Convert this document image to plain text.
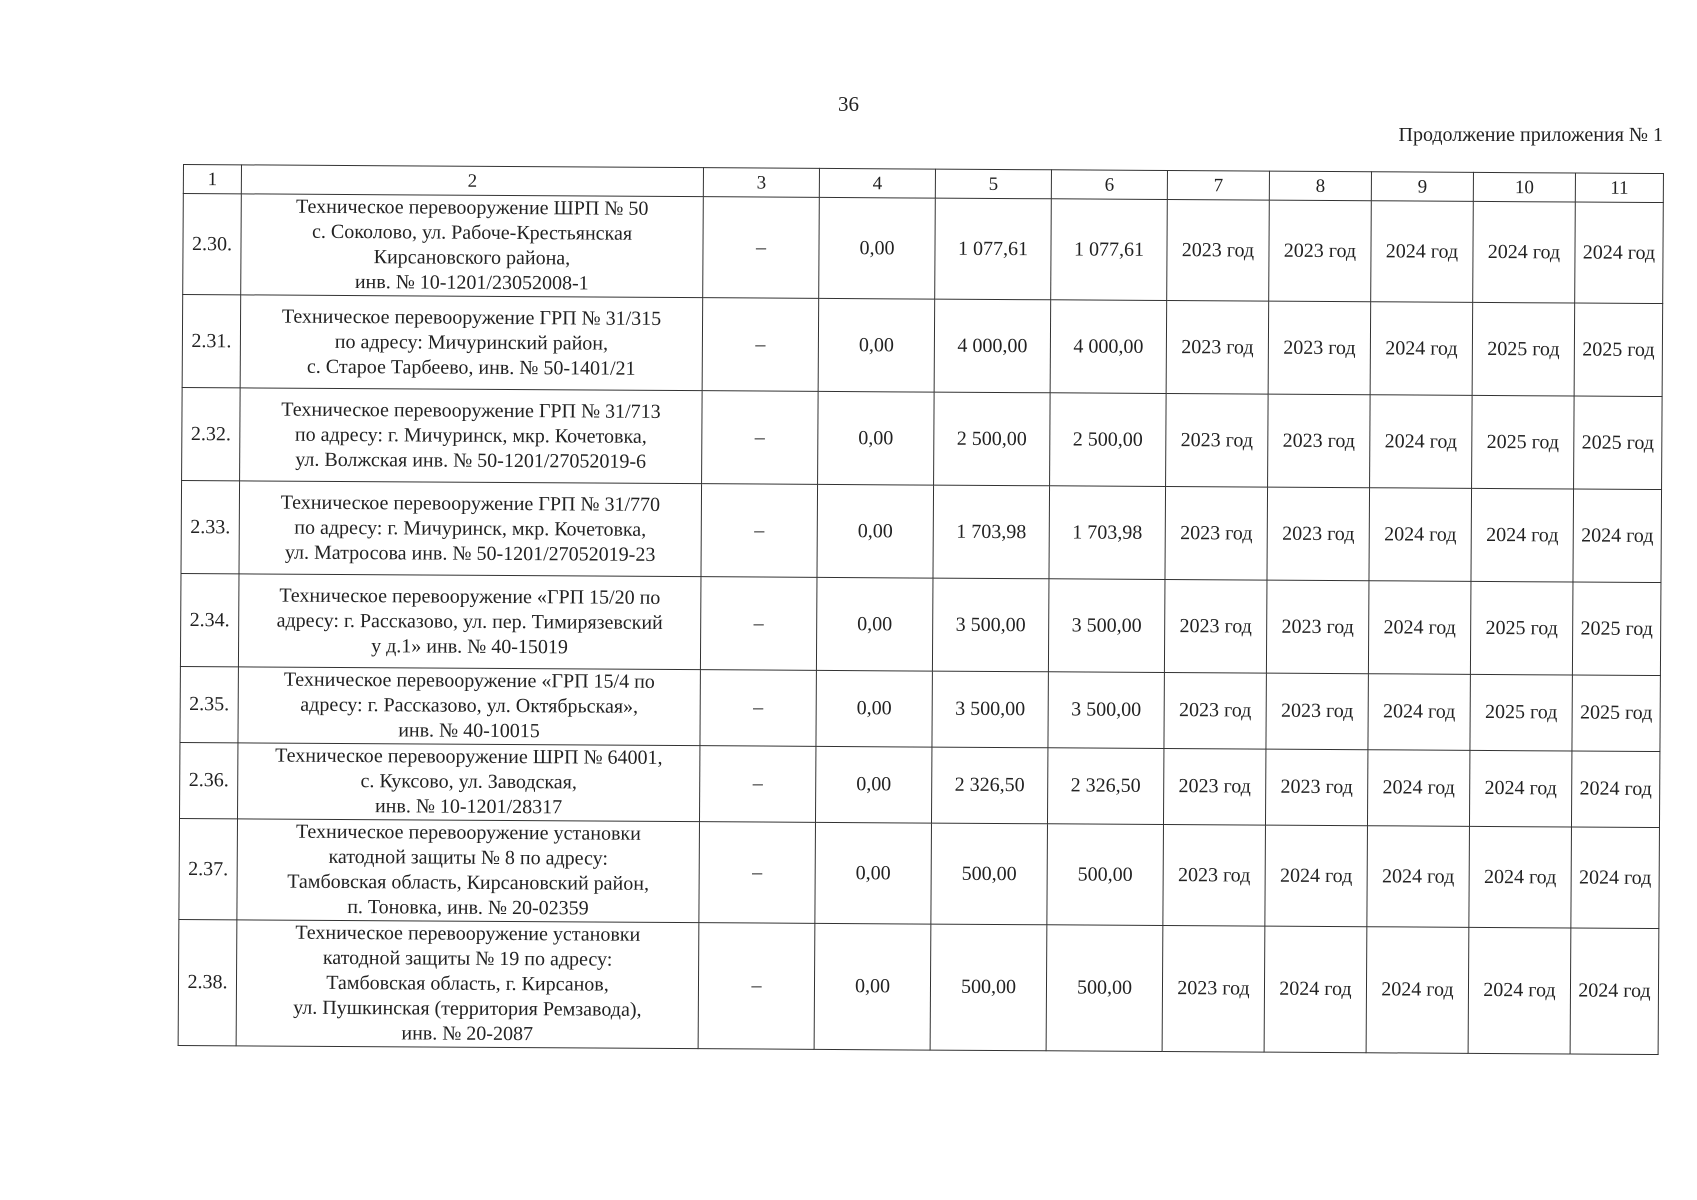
36
Продолжение приложения № 1
1	2	3	4	5	6	7	8	9	10	11
2.30.	Техническое перевооружение ШРП № 50
с. Соколово, ул. Рабоче-Крестьянская
Кирсановского района,
инв. № 10-1201/23052008-1	–	0,00	1 077,61	1 077,61	2023 год	2023 год	2024 год	2024 год	2024 год
2.31.	Техническое перевооружение ГРП № 31/315
по адресу: Мичуринский район,
с. Старое Тарбеево, инв. № 50-1401/21	–	0,00	4 000,00	4 000,00	2023 год	2023 год	2024 год	2025 год	2025 год
2.32.	Техническое перевооружение ГРП № 31/713
по адресу: г. Мичуринск, мкр. Кочетовка,
ул. Волжская инв. № 50-1201/27052019-6	–	0,00	2 500,00	2 500,00	2023 год	2023 год	2024 год	2025 год	2025 год
2.33.	Техническое перевооружение ГРП № 31/770
по адресу: г. Мичуринск, мкр. Кочетовка,
ул. Матросова инв. № 50-1201/27052019-23	–	0,00	1 703,98	1 703,98	2023 год	2023 год	2024 год	2024 год	2024 год
2.34.	Техническое перевооружение «ГРП 15/20 по
адресу: г. Рассказово, ул. пер. Тимирязевский
у д.1» инв. № 40-15019	–	0,00	3 500,00	3 500,00	2023 год	2023 год	2024 год	2025 год	2025 год
2.35.	Техническое перевооружение «ГРП 15/4 по
адресу: г. Рассказово, ул. Октябрьская»,
инв. № 40-10015	–	0,00	3 500,00	3 500,00	2023 год	2023 год	2024 год	2025 год	2025 год
2.36.	Техническое перевооружение ШРП № 64001,
с. Куксово, ул. Заводская,
инв. № 10-1201/28317	–	0,00	2 326,50	2 326,50	2023 год	2023 год	2024 год	2024 год	2024 год
2.37.	Техническое перевооружение установки
катодной защиты № 8 по адресу:
Тамбовская область, Кирсановский район,
п. Тоновка, инв. № 20-02359	–	0,00	500,00	500,00	2023 год	2024 год	2024 год	2024 год	2024 год
2.38.	Техническое перевооружение установки
катодной защиты № 19 по адресу:
Тамбовская область, г. Кирсанов,
ул. Пушкинская (территория Ремзавода),
инв. № 20-2087	–	0,00	500,00	500,00	2023 год	2024 год	2024 год	2024 год	2024 год
